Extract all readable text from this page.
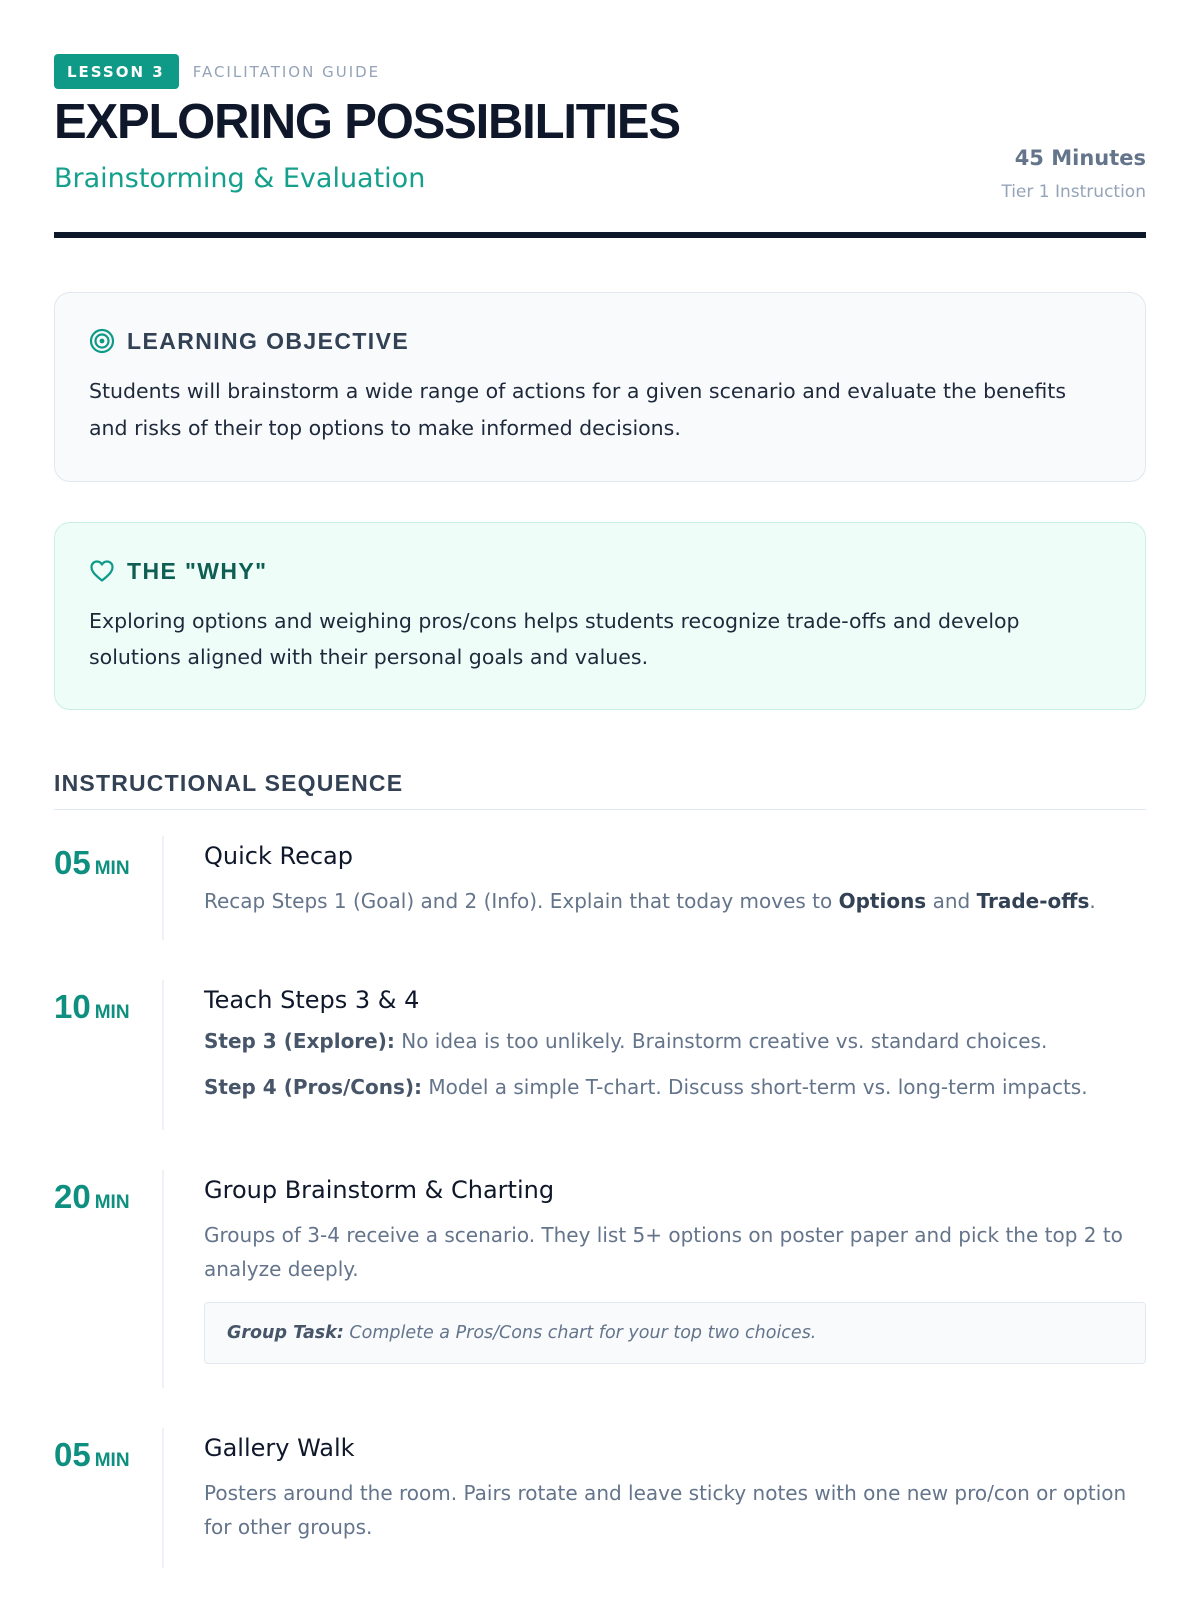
LESSON 3	FACILITATION GUIDE
EXPLORING POSSIBILITIES
Brainstorming & Evaluation
45 Minutes
Tier 1 Instruction
LEARNING OBJECTIVE

Students will brainstorm a wide range of actions for a given scenario and evaluate the benefits and risks of their top options to make informed decisions.

THE "WHY"

Exploring options and weighing pros/cons helps students recognize trade-offs and develop solutions aligned with their personal goals and values.

INSTRUCTIONAL SEQUENCE
05 MIN	Quick Recap

Recap Steps 1 (Goal) and 2 (Info). Explain that today moves to Options and Trade-offs.

10 MIN	Teach Steps 3 & 4

Step 3 (Explore): No idea is too unlikely. Brainstorm creative vs. standard choices.

Step 4 (Pros/Cons): Model a simple T-chart. Discuss short-term vs. long-term impacts.

20 MIN	Group Brainstorm & Charting

Groups of 3-4 receive a scenario. They list 5+ options on poster paper and pick the top 2 to analyze deeply.

Group Task: Complete a Pros/Cons chart for your top two choices.
05 MIN	Gallery Walk

Posters around the room. Pairs rotate and leave sticky notes with one new pro/con or option for other groups.
